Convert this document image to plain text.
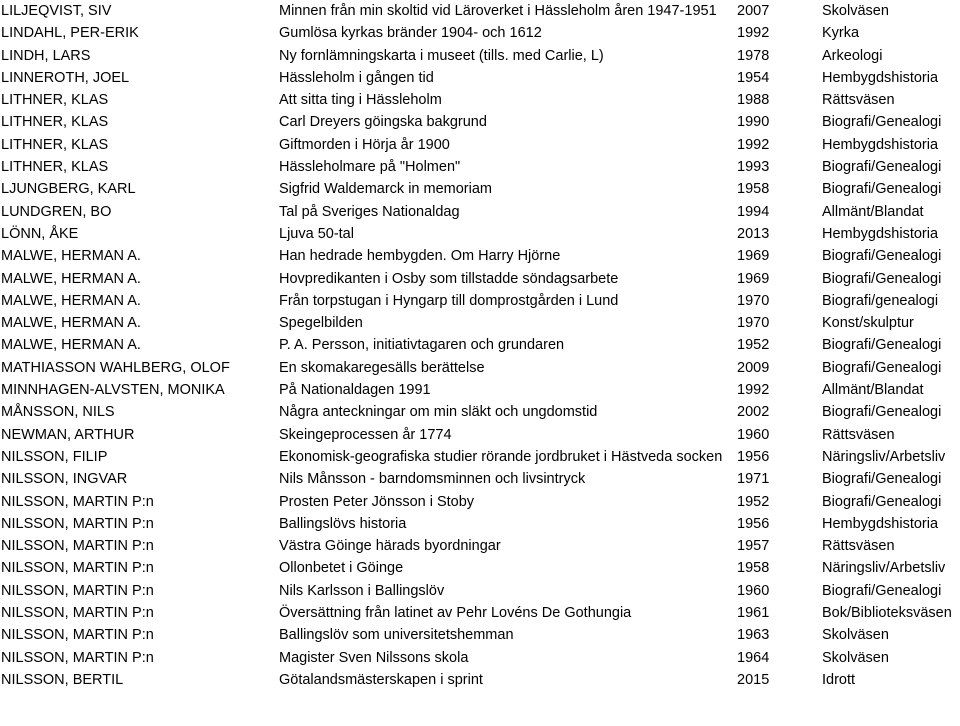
LILJEQVIST, SIV	Minnen från min skoltid vid Läroverket i Hässleholm åren 1947-1951	2007	Skolväsen
LINDAHL, PER-ERIK	Gumlösa kyrkas bränder 1904- och 1612	1992	Kyrka
LINDH, LARS	Ny fornlämningskarta i museet (tills. med Carlie, L)	1978	Arkeologi
LINNEROTH, JOEL	Hässleholm i gången tid	1954	Hembygdshistoria
LITHNER, KLAS	Att sitta ting i Hässleholm	1988	Rättsväsen
LITHNER, KLAS	Carl Dreyers göingska bakgrund	1990	Biografi/Genealogi
LITHNER, KLAS	Giftmorden i Hörja år 1900	1992	Hembygdshistoria
LITHNER, KLAS	Hässleholmare på "Holmen"	1993	Biografi/Genealogi
LJUNGBERG, KARL	Sigfrid Waldemarck in memoriam	1958	Biografi/Genealogi
LUNDGREN, BO	Tal på Sveriges Nationaldag	1994	Allmänt/Blandat
LÖNN, ÅKE	Ljuva 50-tal	2013	Hembygdshistoria
MALWE, HERMAN A.	Han hedrade hembygden. Om Harry Hjörne	1969	Biografi/Genealogi
MALWE, HERMAN A.	Hovpredikanten i Osby som tillstadde söndagsarbete	1969	Biografi/Genealogi
MALWE, HERMAN A.	Från torpstugan i Hyngarp till domprostgården i Lund	1970	Biografi/genealogi
MALWE, HERMAN A.	Spegelbilden	1970	Konst/skulptur
MALWE, HERMAN A.	P. A. Persson, initiativtagaren och grundaren	1952	Biografi/Genealogi
MATHIASSON WAHLBERG, OLOF	En skomakaregesälls berättelse	2009	Biografi/Genealogi
MINNHAGEN-ALVSTEN, MONIKA	På Nationaldagen 1991	1992	Allmänt/Blandat
MÅNSSON, NILS	Några anteckningar om min släkt och ungdomstid	2002	Biografi/Genealogi
NEWMAN, ARTHUR	Skeingeprocessen år 1774	1960	Rättsväsen
NILSSON, FILIP	Ekonomisk-geografiska studier rörande jordbruket i Hästveda socken	1956	Näringsliv/Arbetsliv
NILSSON, INGVAR	Nils Månsson - barndomsminnen och livsintryck	1971	Biografi/Genealogi
NILSSON, MARTIN P:n	Prosten Peter Jönsson i Stoby	1952	Biografi/Genealogi
NILSSON, MARTIN P:n	Ballingslövs historia	1956	Hembygdshistoria
NILSSON, MARTIN P:n	Västra Göinge härads byordningar	1957	Rättsväsen
NILSSON, MARTIN P:n	Ollonbetet i Göinge	1958	Näringsliv/Arbetsliv
NILSSON, MARTIN P:n	Nils Karlsson i Ballingslöv	1960	Biografi/Genealogi
NILSSON, MARTIN P:n	Översättning från latinet av Pehr Lovéns De Gothungia	1961	Bok/Biblioteksväsen
NILSSON, MARTIN P:n	Ballingslöv som universitetshemman	1963	Skolväsen
NILSSON, MARTIN P:n	Magister Sven Nilssons skola	1964	Skolväsen
NILSSON, BERTIL	Götalandsmästerskapen i sprint	2015	Idrott
